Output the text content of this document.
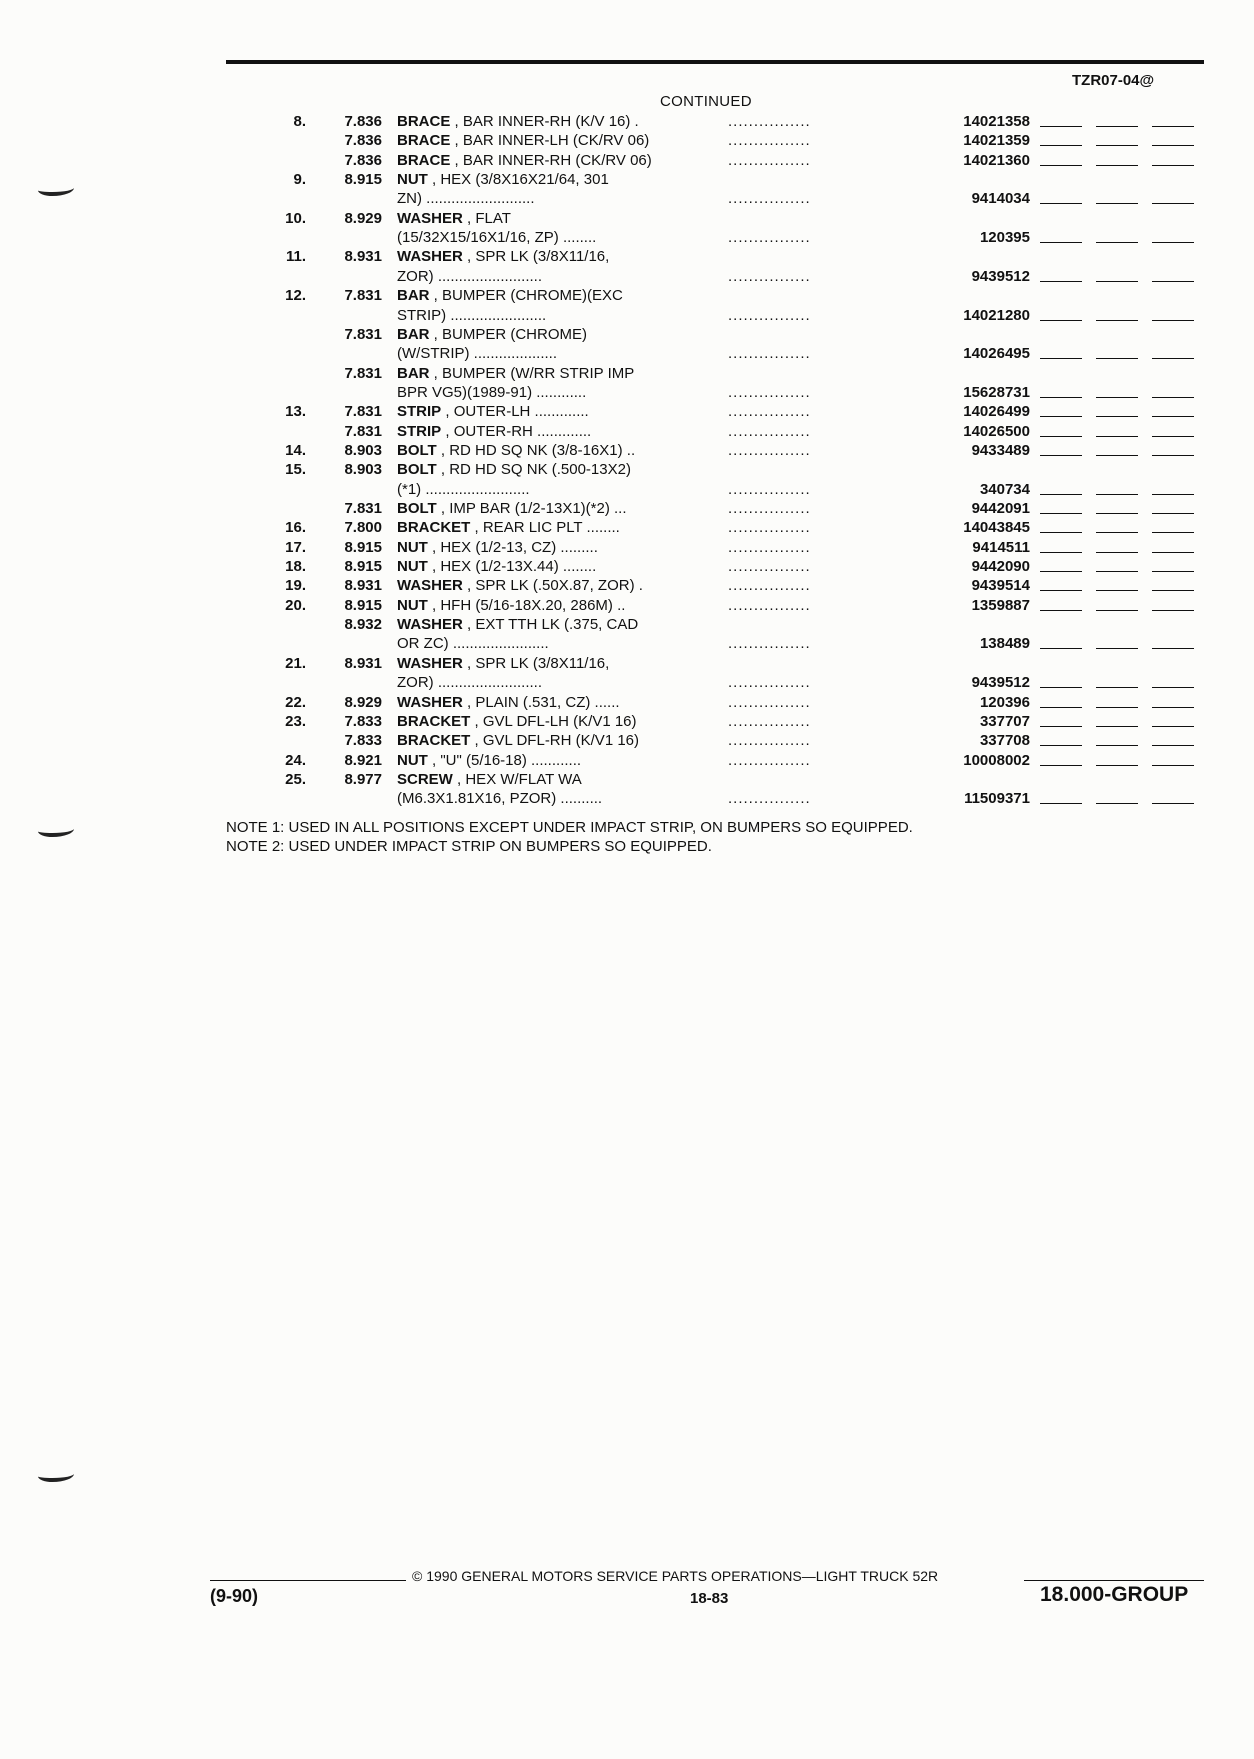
TZR07-04@
CONTINUED
8.	7.836 BRACE , BAR INNER-RH (K/V 16) .	................	14021358
7.836 BRACE , BAR INNER-LH (CK/RV 06)	................	14021359
7.836 BRACE , BAR INNER-RH (CK/RV 06)	................	14021360
9.	8.915 NUT , HEX (3/8X16X21/64, 301
ZN) ..........................	................	9414034
10.	8.929 WASHER , FLAT
(15/32X15/16X1/16, ZP) ........	................	120395
11.	8.931 WASHER , SPR LK (3/8X11/16,
ZOR) .........................	................	9439512
12.	7.831 BAR , BUMPER (CHROME)(EXC
STRIP) .......................	................	14021280
7.831 BAR , BUMPER (CHROME)
(W/STRIP) ....................	................	14026495
7.831 BAR , BUMPER (W/RR STRIP IMP
BPR VG5)(1989-91) ............	................	15628731
13.	7.831 STRIP , OUTER-LH .............	................	14026499
7.831 STRIP , OUTER-RH .............	................	14026500
14.	8.903 BOLT , RD HD SQ NK (3/8-16X1) ..	................	9433489
15.	8.903 BOLT , RD HD SQ NK (.500-13X2)
(*1) .........................	................	340734
7.831 BOLT , IMP BAR (1/2-13X1)(*2) ...	................	9442091
16.	7.800 BRACKET , REAR LIC PLT ........	................	14043845
17.	8.915 NUT , HEX (1/2-13, CZ) .........	................	9414511
18.	8.915 NUT , HEX (1/2-13X.44) ........	................	9442090
19.	8.931 WASHER , SPR LK (.50X.87, ZOR) .	................	9439514
20.	8.915 NUT , HFH (5/16-18X.20, 286M) ..	................	1359887
8.932 WASHER , EXT TTH LK (.375, CAD
OR ZC) .......................	................	138489
21.	8.931 WASHER , SPR LK (3/8X11/16,
ZOR) .........................	................	9439512
22.	8.929 WASHER , PLAIN (.531, CZ) ......	................	120396
23.	7.833 BRACKET , GVL DFL-LH (K/V1 16)	................	337707
7.833 BRACKET , GVL DFL-RH (K/V1 16)	................	337708
24.	8.921 NUT , "U" (5/16-18) ............	................	10008002
25.	8.977 SCREW , HEX W/FLAT WA
(M6.3X1.81X16, PZOR) ..........	................	11509371
NOTE 1: USED IN ALL POSITIONS EXCEPT UNDER IMPACT STRIP, ON BUMPERS SO EQUIPPED.
NOTE 2: USED UNDER IMPACT STRIP ON BUMPERS SO EQUIPPED.
© 1990 GENERAL MOTORS SERVICE PARTS OPERATIONS—LIGHT TRUCK 52R
(9-90)	18-83	18.000-GROUP
